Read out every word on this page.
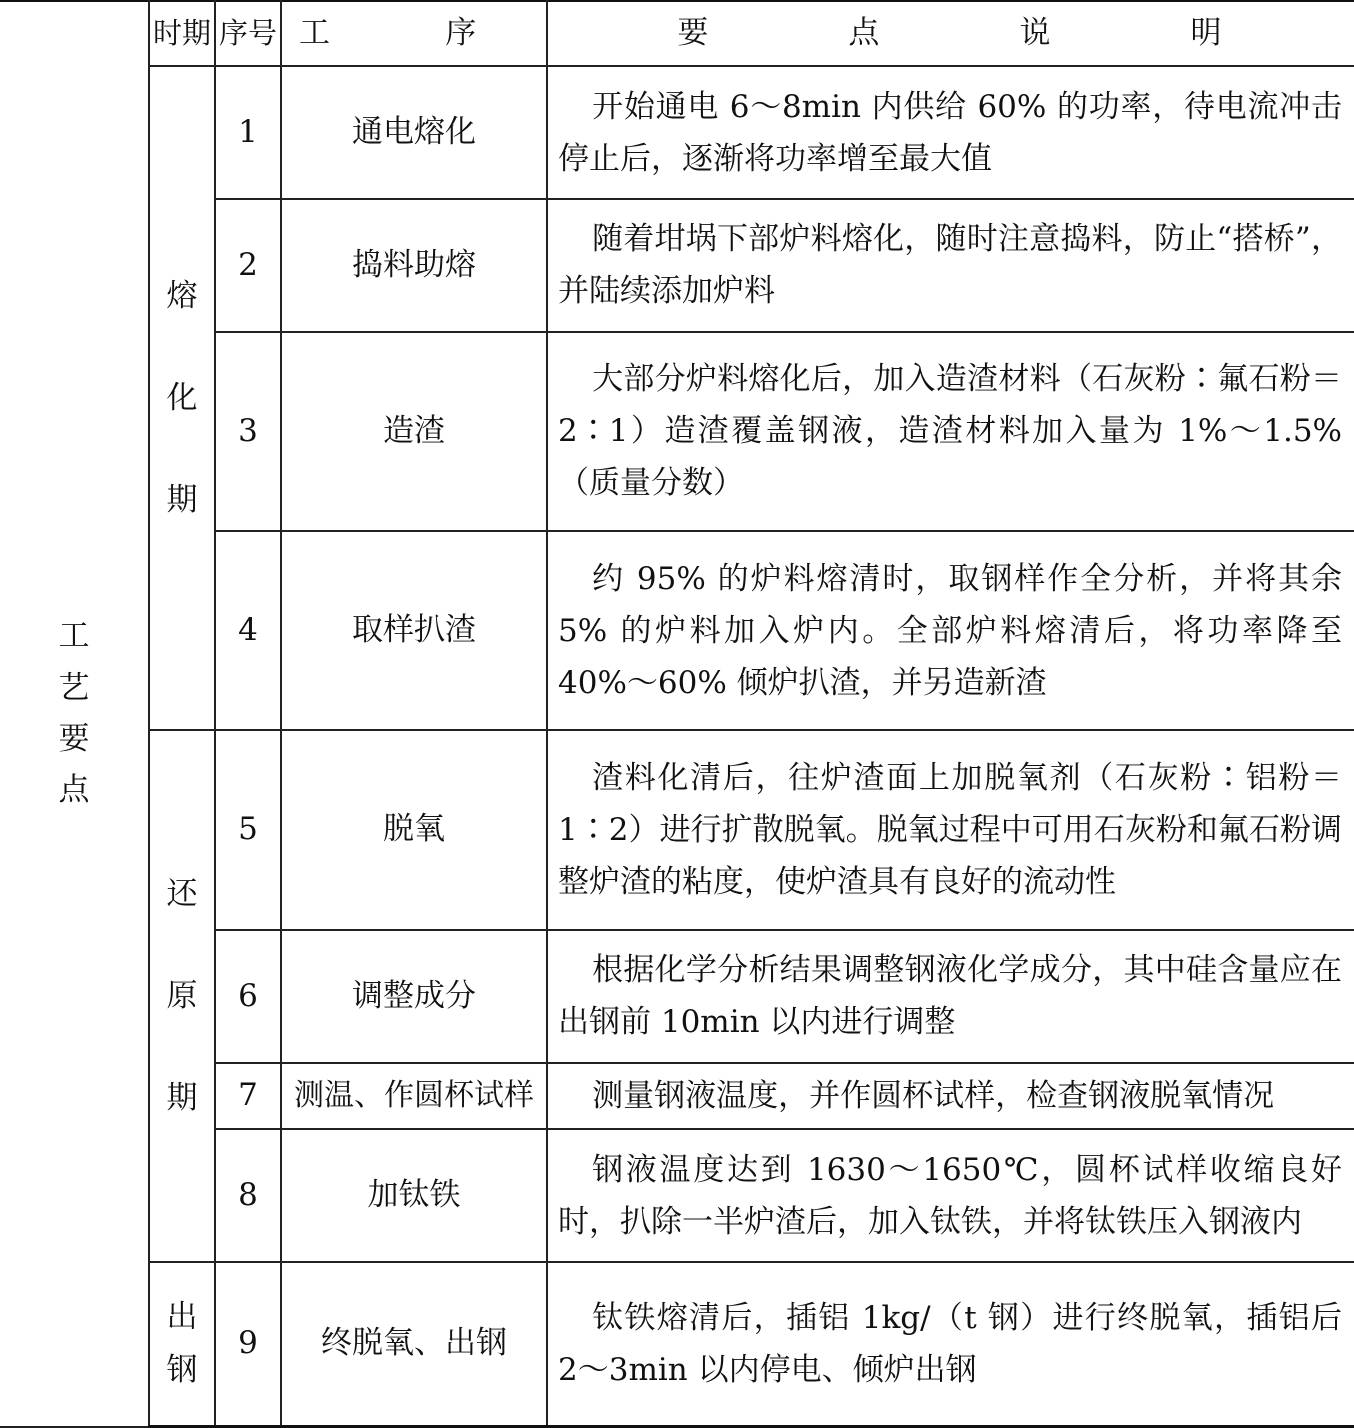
工艺要点	时期	序号	工 序	要 点 说 明
	熔化期	1	通电熔化	开始通电 6～8min 内供给 60% 的功率，待电流冲击停止后，逐渐将功率增至最大值
		2	捣料助熔	随着坩埚下部炉料熔化，随时注意捣料，防止“搭桥”，并陆续添加炉料
		3	造渣	大部分炉料熔化后，加入造渣材料（石灰粉∶氟石粉＝2∶1）造渣覆盖钢液，造渣材料加入量为 1%～1.5%（质量分数）
		4	取样扒渣	约 95% 的炉料熔清时，取钢样作全分析，并将其余 5% 的炉料加入炉内。全部炉料熔清后，将功率降至 40%～60% 倾炉扒渣，并另造新渣
	还原期	5	脱氧	渣料化清后，往炉渣面上加脱氧剂（石灰粉∶铝粉＝1∶2）进行扩散脱氧。脱氧过程中可用石灰粉和氟石粉调整炉渣的粘度，使炉渣具有良好的流动性
		6	调整成分	根据化学分析结果调整钢液化学成分，其中硅含量应在出钢前 10min 以内进行调整
		7	测温、作圆杯试样	测量钢液温度，并作圆杯试样，检查钢液脱氧情况
		8	加钛铁	钢液温度达到 1630～1650℃，圆杯试样收缩良好时，扒除一半炉渣后，加入钛铁，并将钛铁压入钢液内
	出钢	9	终脱氧、出钢	钛铁熔清后，插铝 1kg/（t 钢）进行终脱氧，插铝后 2～3min 以内停电、倾炉出钢
